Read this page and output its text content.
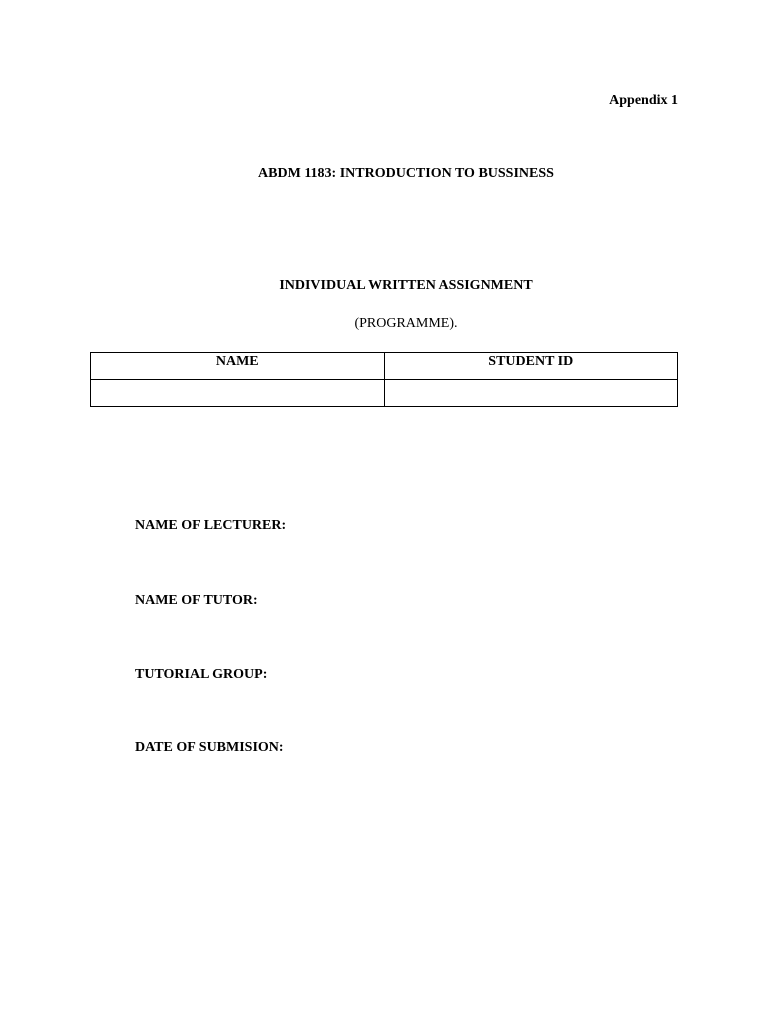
Appendix 1
ABDM 1183: INTRODUCTION TO BUSSINESS
INDIVIDUAL WRITTEN ASSIGNMENT
(PROGRAMME).
NAME	STUDENT ID

NAME OF LECTURER:
NAME OF TUTOR:
TUTORIAL GROUP:
DATE OF SUBMISION:
